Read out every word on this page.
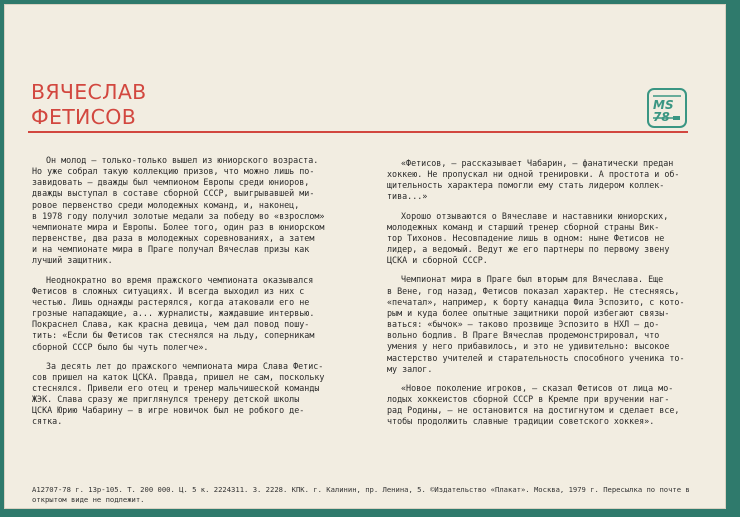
ВЯЧЕСЛАВ
ФЕТИСОВ	MS 78

Он молод — только-только вышел из юниорского возраста.
Но уже собрал такую коллекцию призов, что можно лишь по-
завидовать — дважды был чемпионом Европы среди юниоров,
дважды выступал в составе сборной СССР, выигрывавшей ми-
ровое первенство среди молодежных команд, и, наконец,
в 1978 году получил золотые медали за победу во «взрослом»
чемпионате мира и Европы. Более того, один раз в юниорском
первенстве, два раза в молодежных соревнованиях, а затем
и на чемпионате мира в Праге получал Вячеслав призы как
лучший защитник.

Неоднократно во время пражского чемпионата оказывался
Фетисов в сложных ситуациях. И всегда выходил из них с
честью. Лишь однажды растерялся, когда атаковали его не
грозные нападающие, а... журналисты, жаждавшие интервью.
Покраснел Слава, как красна девица, чем дал повод пошу-
тить: «Если бы Фетисов так стеснялся на льду, соперникам
сборной СССР было бы чуть полегче».

За десять лет до пражского чемпионата мира Слава Фетис-
сов пришел на каток ЦСКА. Правда, пришел не сам, поскольку
стеснялся. Привели его отец и тренер мальчишеской команды
ЖЭК. Слава сразу же приглянулся тренеру детской школы
ЦСКА Юрию Чабарину — в игре новичок был не робкого де-
сятка.

«Фетисов, — рассказывает Чабарин, — фанатически предан
хоккею. Не пропускал ни одной тренировки. А простота и об-
щительность характера помогли ему стать лидером коллек-
тива...»

Хорошо отзываются о Вячеславе и наставники юниорских,
молодежных команд и старший тренер сборной страны Вик-
тор Тихонов. Несовпадение лишь в одном: ныне Фетисов не
лидер, а ведомый. Ведут же его партнеры по первому звену
ЦСКА и сборной СССР.

Чемпионат мира в Праге был вторым для Вячеслава. Еще
в Вене, год назад, Фетисов показал характер. Не стесняясь,
«печатал», например, к борту канадца Фила Эспозито, с кото-
рым и куда более опытные защитники порой избегают связы-
ваться: «бычок» — таково прозвище Эспозито в НХЛ — до-
вольно бодлив. В Праге Вячеслав продемонстрировал, что
умения у него прибавилось, и это не удивительно: высокое
мастерство учителей и старательность способного ученика то-
му залог.

«Новое поколение игроков, — сказал Фетисов от лица мо-
лодых хоккеистов сборной СССР в Кремле при вручении наг-
рад Родины, — не остановится на достигнутом и сделает все,
чтобы продолжить славные традиции советского хоккея».

А12707-78 г. 13р-105. Т. 200 000. Ц. 5 к. 2224311. З. 2228. КПК. г. Калинин, пр. Ленина, 5. ©Издательство «Плакат». Москва, 1979 г. Пересылка по почте в
открытом виде не подлежит.
